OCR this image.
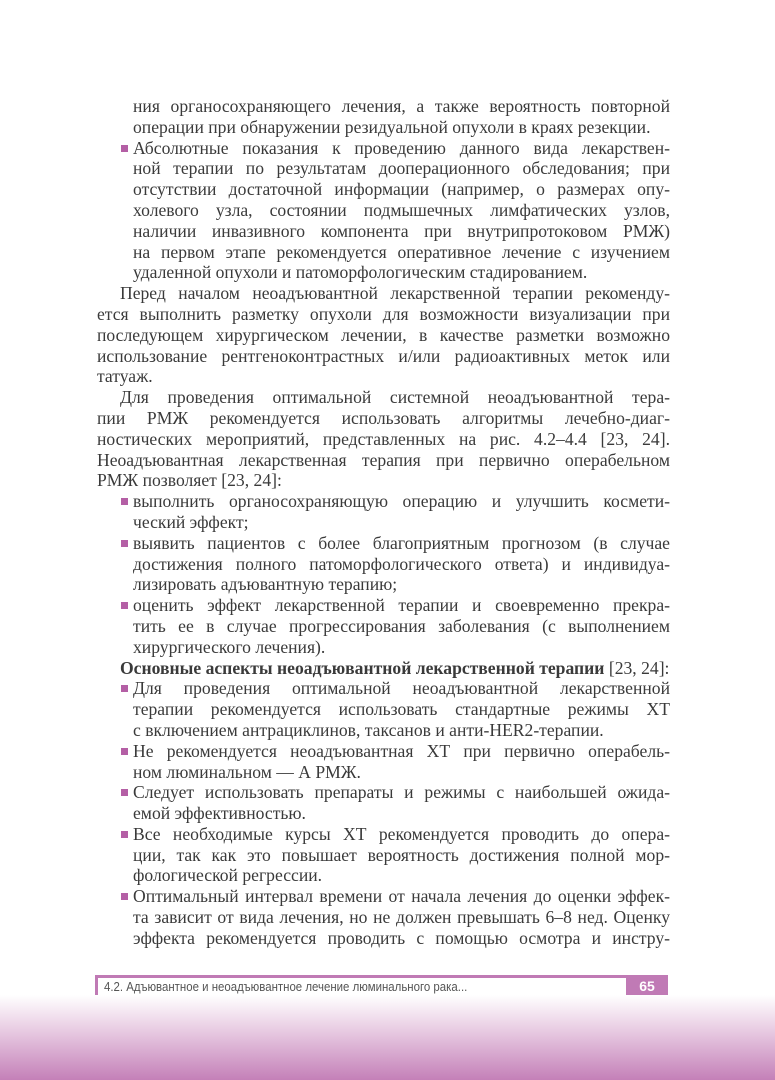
ния органосохраняющего лечения, а также вероятность повторной
операции при обнаружении резидуальной опухоли в краях резекции.
Абсолютные показания к проведению данного вида лекарствен-
ной терапии по результатам дооперационного обследования; при
отсутствии достаточной информации (например, о размерах опу-
холевого узла, состоянии подмышечных лимфатических узлов,
наличии инвазивного компонента при внутрипротоковом РМЖ)
на первом этапе рекомендуется оперативное лечение с изучением
удаленной опухоли и патоморфологическим стадированием.
Перед началом неоадъювантной лекарственной терапии рекоменду-
ется выполнить разметку опухоли для возможности визуализации при
последующем хирургическом лечении, в качестве разметки возможно
использование рентгеноконтрастных и/или радиоактивных меток или
татуаж.
Для проведения оптимальной системной неоадъювантной тера-
пии РМЖ рекомендуется использовать алгоритмы лечебно-диаг-
ностических мероприятий, представленных на рис. 4.2–4.4 [23, 24].
Неоадъювантная лекарственная терапия при первично операбельном
РМЖ позволяет [23, 24]:
выполнить органосохраняющую операцию и улучшить космети-
ческий эффект;
выявить пациентов с более благоприятным прогнозом (в случае
достижения полного патоморфологического ответа) и индивидуа-
лизировать адъювантную терапию;
оценить эффект лекарственной терапии и своевременно прекра-
тить ее в случае прогрессирования заболевания (с выполнением
хирургического лечения).
Основные аспекты неоадъювантной лекарственной терапии [23, 24]:
Для проведения оптимальной неоадъювантной лекарственной
терапии рекомендуется использовать стандартные режимы ХТ
с включением антрациклинов, таксанов и анти-HER2-терапии.
Не рекомендуется неоадъювантная ХТ при первично операбель-
ном люминальном — А РМЖ.
Следует использовать препараты и режимы с наибольшей ожида-
емой эффективностью.
Все необходимые курсы ХТ рекомендуется проводить до опера-
ции, так как это повышает вероятность достижения полной мор-
фологической регрессии.
Оптимальный интервал времени от начала лечения до оценки эффек-
та зависит от вида лечения, но не должен превышать 6–8 нед. Оценку
эффекта рекомендуется проводить с помощью осмотра и инстру-
4.2. Адъювантное и неоадъювантное лечение люминального рака...	65
